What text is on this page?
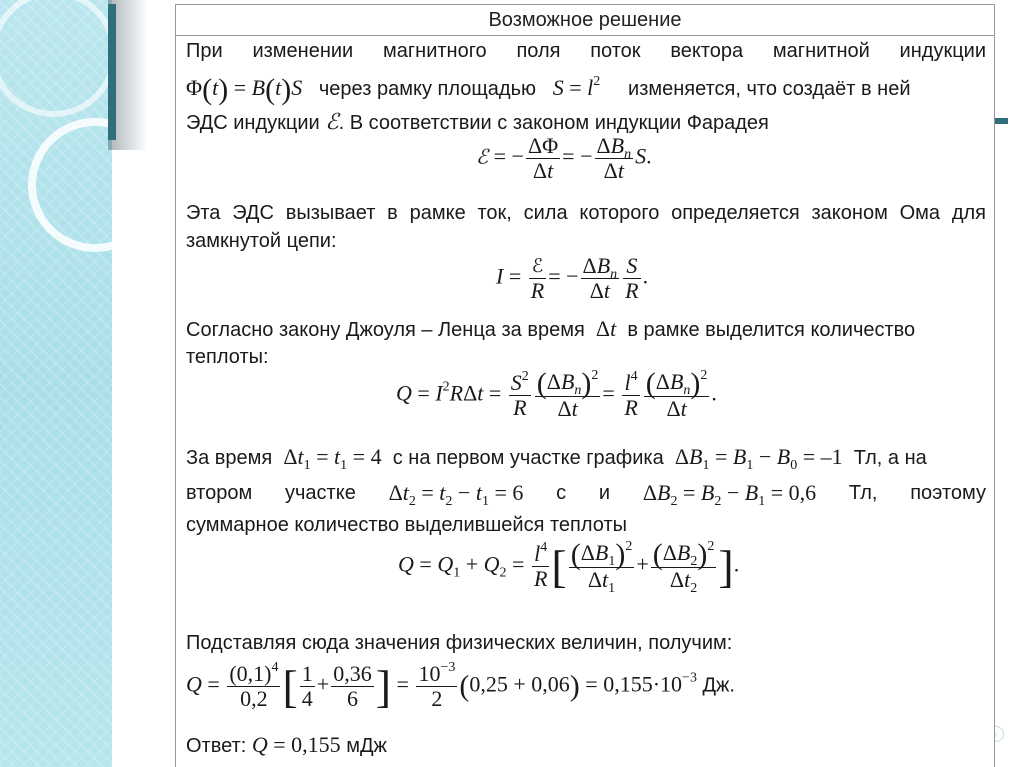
›
Возможное решение
При изменении магнитного поля поток вектора магнитной индукции
Φ(t) = B(t)S через рамку площадью $S = l^2$ изменяется, что создаёт в ней
ЭДС индукции ℰ. В соответствии с законом индукции Фарадея
ℰ = − $\frac{\Delta\Phi}{\Delta t}$ = − $\frac{\Delta B_n}{\Delta t} S$.
Эта ЭДС вызывает в рамке ток, сила которого определяется законом Ома для
замкнутой цепи:
$I = \frac{\text{ℰ}}{R}$ = − $\frac{\Delta B_n}{\Delta t} \frac{S}{R}$ .
Согласно закону Джоуля – Ленца за время Δt в рамке выделится количество
теплоты:
$Q = I^2R\Delta t = \frac{S^2}{R} \frac{(\Delta B_n)^2}{\Delta t} = \frac{l^4}{R} \frac{(\Delta B_n)^2}{\Delta t}$ .
За время $\Delta t_1 = t_1 = 4$ с на первом участке графика $\Delta B_1 = B_1 - B_0 = -1$ Тл, а на
втором участке $\Delta t_2 = t_2 - t_1 = 6$ с и $\Delta B_2 = B_2 - B_1 = 0,6$ Тл, поэтому
суммарное количество выделившейся теплоты
$Q = Q_1 + Q_2 = \frac{l^4}{R}$ [ $\frac{(\Delta B_1)^2}{\Delta t_1} + \frac{(\Delta B_2)^2}{\Delta t_2}$ ].
Подставляя сюда значения физических величин, получим:
$Q = \frac{(0,1)^4}{0,2}$ [ $\frac{1}{4} + \frac{0,36}{6}$ ] = $\frac{10^{-3}}{2} (0,25 + 0,06) = 0,155\cdot 10^{-3}$ Дж.
Ответ: Q = 0,155 мДж
